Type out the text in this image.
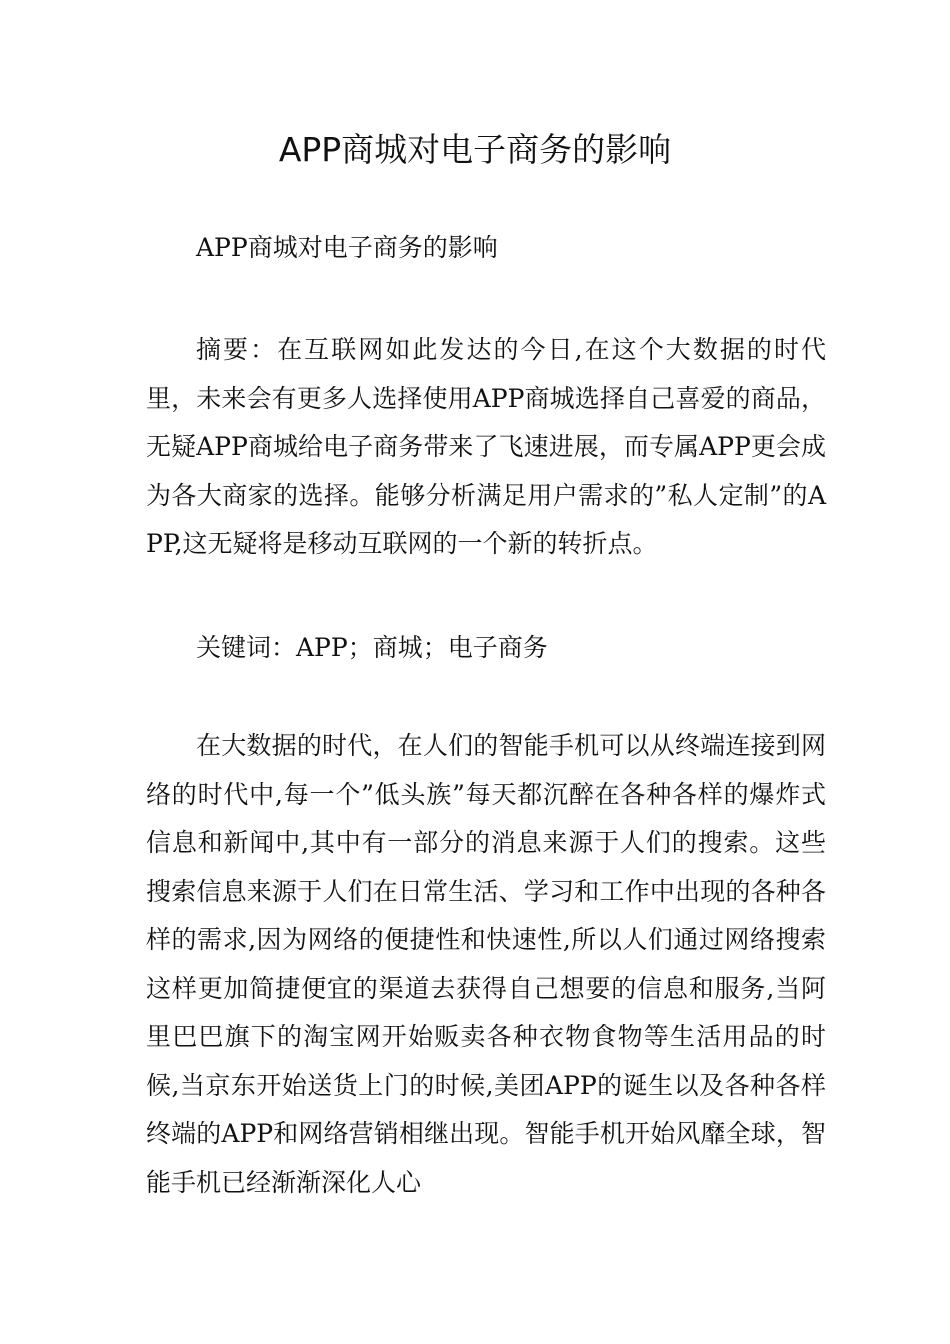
APP商城对电子商务的影响

APP商城对电子商务的影响

摘要：在互联网如此发达的今日,在这个大数据的时代里，未来会有更多人选择使用APP商城选择自己喜爱的商品，无疑APP商城给电子商务带来了飞速进展，而专属APP更会成为各大商家的选择。能够分析满足用户需求的”私人定制”的APP,这无疑将是移动互联网的一个新的转折点。

关键词：APP；商城；电子商务

在大数据的时代，在人们的智能手机可以从终端连接到网络的时代中,每一个”低头族”每天都沉醉在各种各样的爆炸式信息和新闻中,其中有一部分的消息来源于人们的搜索。这些搜索信息来源于人们在日常生活、学习和工作中出现的各种各样的需求,因为网络的便捷性和快速性,所以人们通过网络搜索这样更加简捷便宜的渠道去获得自己想要的信息和服务,当阿里巴巴旗下的淘宝网开始贩卖各种衣物食物等生活用品的时候,当京东开始送货上门的时候,美团APP的诞生以及各种各样终端的APP和网络营销相继出现。智能手机开始风靡全球，智能手机已经渐渐深化人心
